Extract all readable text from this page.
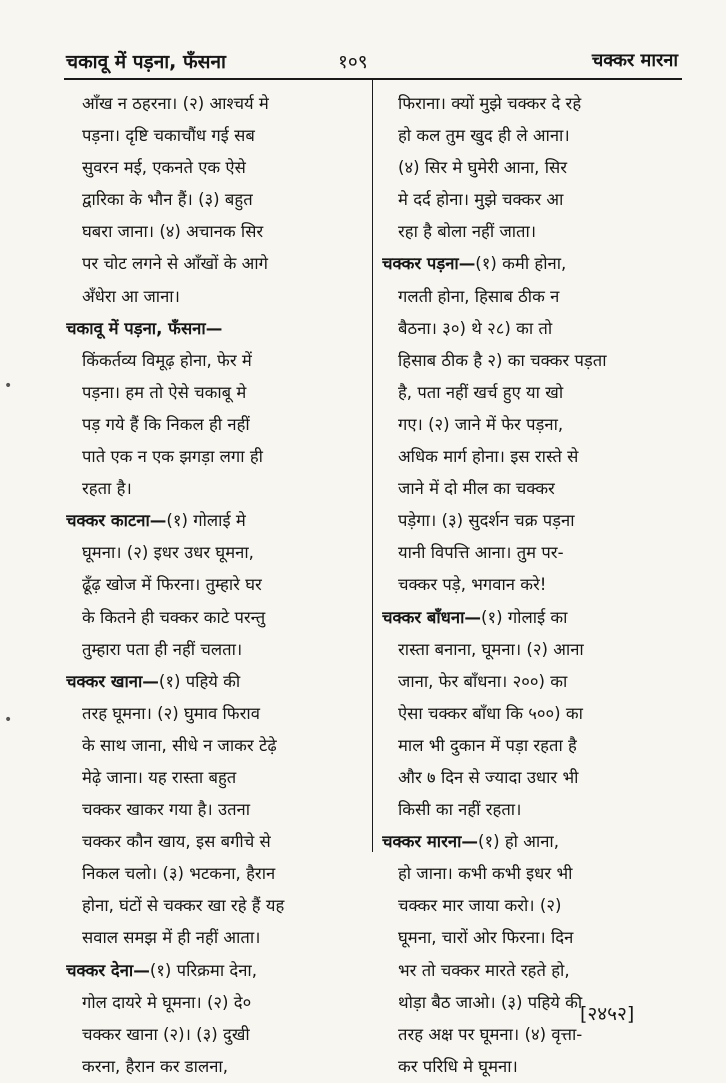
चकावू में पड़ना, फँसना	१०९	चक्कर मारना
आँख न ठहरना। (२) आश्चर्य मे
पड़ना। दृष्टि चकाचौंध गई सब
सुवरन मई, एकनते एक ऐसे
द्वारिका के भौन हैं। (३) बहुत
घबरा जाना। (४) अचानक सिर
पर चोट लगने से आँखों के आगे
अँधेरा आ जाना।
चकावू में पड़ना, फँसना—
किंकर्तव्य विमूढ़ होना, फेर में
पड़ना। हम तो ऐसे चकाबू मे
पड़ गये हैं कि निकल ही नहीं
पाते एक न एक झगड़ा लगा ही
रहता है।
चक्कर काटना—(१) गोलाई मे
घूमना। (२) इधर उधर घूमना,
ढूँढ़ खोज में फिरना। तुम्हारे घर
के कितने ही चक्कर काटे परन्तु
तुम्हारा पता ही नहीं चलता।
चक्कर खाना—(१) पहिये की
तरह घूमना। (२) घुमाव फिराव
के साथ जाना, सीधे न जाकर टेढ़े
मेढ़े जाना। यह रास्ता बहुत
चक्कर खाकर गया है। उतना
चक्कर कौन खाय, इस बगीचे से
निकल चलो। (३) भटकना, हैरान
होना, घंटों से चक्कर खा रहे हैं यह
सवाल समझ में ही नहीं आता।
चक्कर देना—(१) परिक्रमा देना,
गोल दायरे मे घूमना। (२) दे०
चक्कर खाना (२)। (३) दुखी
करना, हैरान कर डालना,
फिराना। क्यों मुझे चक्कर दे रहे
हो कल तुम खुद ही ले आना।
(४) सिर मे घुमेरी आना, सिर
मे दर्द होना। मुझे चक्कर आ
रहा है बोला नहीं जाता।
चक्कर पड़ना—(१) कमी होना,
गलती होना, हिसाब ठीक न
बैठना। ३०) थे २८) का तो
हिसाब ठीक है २) का चक्कर पड़ता
है, पता नहीं खर्च हुए या खो
गए। (२) जाने में फेर पड़ना,
अधिक मार्ग होना। इस रास्ते से
जाने में दो मील का चक्कर
पड़ेगा। (३) सुदर्शन चक्र पड़ना
यानी विपत्ति आना। तुम पर-
चक्कर पड़े, भगवान करे!
चक्कर बाँधना—(१) गोलाई का
रास्ता बनाना, घूमना। (२) आना
जाना, फेर बाँधना। २००) का
ऐसा चक्कर बाँधा कि ५००) का
माल भी दुकान में पड़ा रहता है
और ७ दिन से ज्यादा उधार भी
किसी का नहीं रहता।
चक्कर मारना—(१) हो आना,
हो जाना। कभी कभी इधर भी
चक्कर मार जाया करो। (२)
घूमना, चारों ओर फिरना। दिन
भर तो चक्कर मारते रहते हो,
थोड़ा बैठ जाओ। (३) पहिये की
तरह अक्ष पर घूमना। (४) वृत्ता-
कर परिधि मे घूमना।
[२४५२]
•
•
